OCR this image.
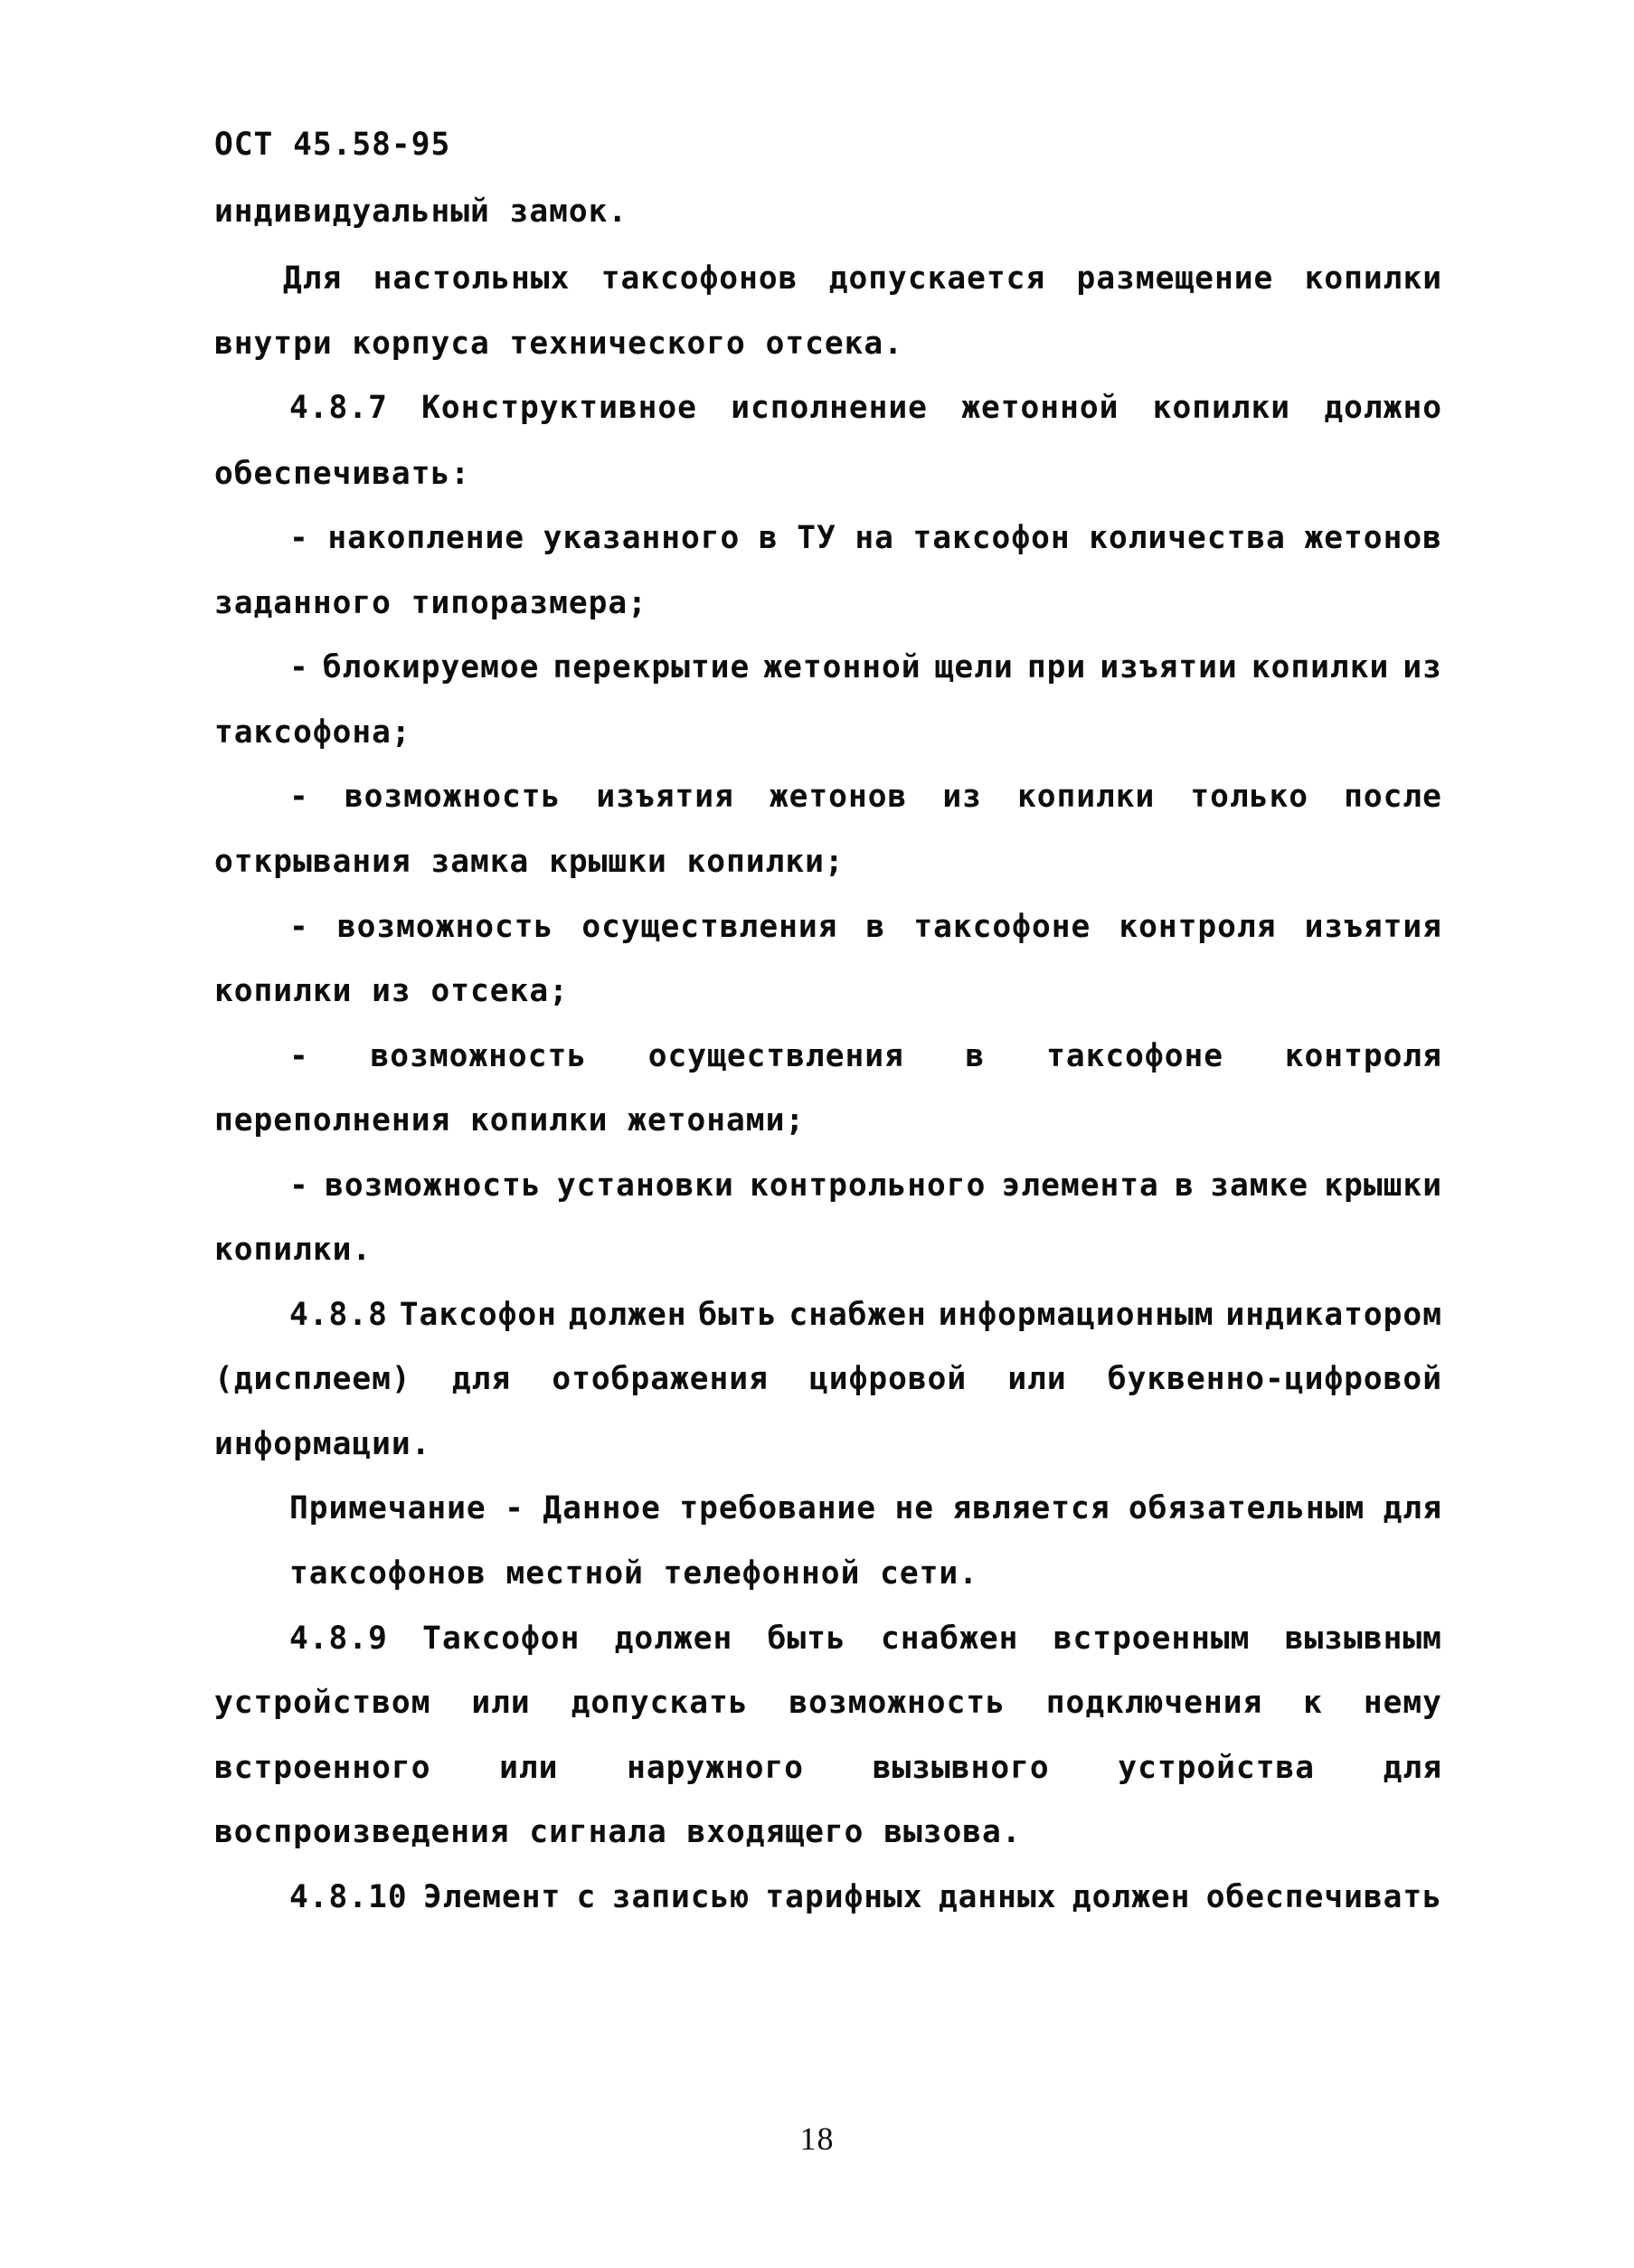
ОСТ 45.58-95
индивидуальный замок.
Для настольных таксофонов допускается размещение копилки
внутри корпуса технического отсека.
4.8.7 Конструктивное исполнение жетонной копилки должно
обеспечивать:
- накопление указанного в ТУ на таксофон количества жетонов
заданного типоразмера;
- блокируемое перекрытие жетонной щели при изъятии копилки из
таксофона;
- возможность изъятия жетонов из копилки только после
открывания замка крышки копилки;
- возможность осуществления в таксофоне контроля изъятия
копилки из отсека;
- возможность осуществления в таксофоне контроля
переполнения копилки жетонами;
- возможность установки контрольного элемента в замке крышки
копилки.
4.8.8 Таксофон должен быть снабжен информационным индикатором
(дисплеем) для отображения цифровой или буквенно-цифровой
информации.
Примечание - Данное требование не является обязательным для
таксофонов местной телефонной сети.
4.8.9 Таксофон должен быть снабжен встроенным вызывным
устройством или допускать возможность подключения к нему
встроенного или наружного вызывного устройства для
воспроизведения сигнала входящего вызова.
4.8.10 Элемент с записью тарифных данных должен обеспечивать
18
